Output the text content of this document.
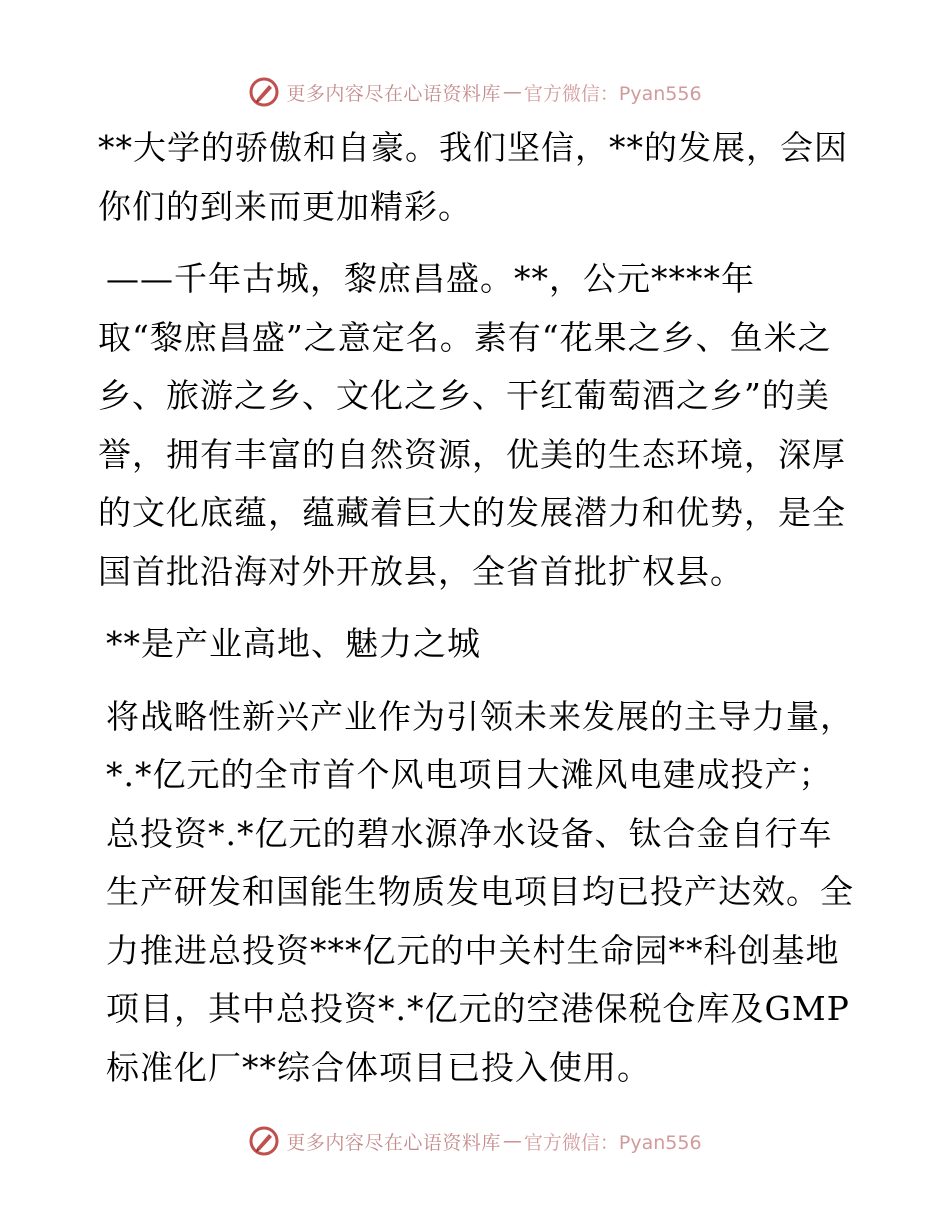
更多内容尽在心语资料库 — 官方微信：Pyan556

**大学的骄傲和自豪。我们坚信，**的发展，会因你们的到来而更加精彩。

——千年古城，黎庶昌盛。**，公元****年

取“黎庶昌盛”之意定名。素有“花果之乡、鱼米之乡、旅游之乡、文化之乡、干红葡萄酒之乡”的美誉，拥有丰富的自然资源，优美的生态环境，深厚的文化底蕴，蕴藏着巨大的发展潜力和优势，是全国首批沿海对外开放县，全省首批扩权县。

**是产业高地、魅力之城

将战略性新兴产业作为引领未来发展的主导力量，*.*亿元的全市首个风电项目大滩风电建成投产；总投资*.*亿元的碧水源净水设备、钛合金自行车生产研发和国能生物质发电项目均已投产达效。全力推进总投资***亿元的中关村生命园**科创基地项目，其中总投资*.*亿元的空港保税仓库及GMP标准化厂**综合体项目已投入使用。

更多内容尽在心语资料库 — 官方微信：Pyan556
